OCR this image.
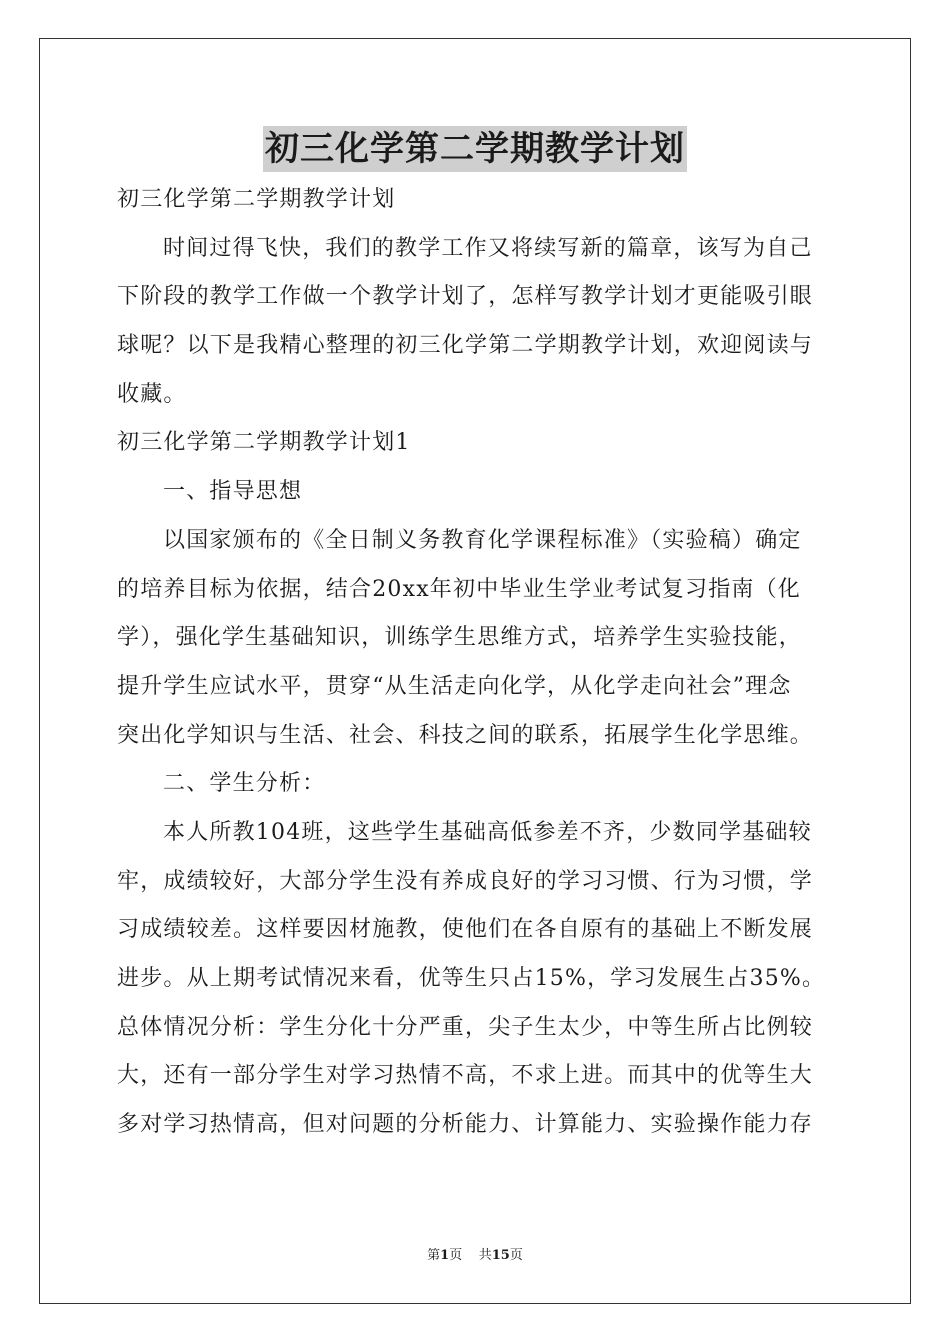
初三化学第二学期教学计划
初三化学第二学期教学计划
时间过得飞快，我们的教学工作又将续写新的篇章，该写为自己
下阶段的教学工作做一个教学计划了，怎样写教学计划才更能吸引眼
球呢？以下是我精心整理的初三化学第二学期教学计划，欢迎阅读与
收藏。
初三化学第二学期教学计划1
一、指导思想
以国家颁布的《全日制义务教育化学课程标准》（实验稿）确定
的培养目标为依据，结合20xx年初中毕业生学业考试复习指南（化
学），强化学生基础知识，训练学生思维方式，培养学生实验技能，
提升学生应试水平，贯穿“从生活走向化学，从化学走向社会”理念
突出化学知识与生活、社会、科技之间的联系，拓展学生化学思维。
二、学生分析：
本人所教104班，这些学生基础高低参差不齐，少数同学基础较
牢，成绩较好，大部分学生没有养成良好的学习习惯、行为习惯，学
习成绩较差。这样要因材施教，使他们在各自原有的基础上不断发展
进步。从上期考试情况来看，优等生只占15%，学习发展生占35%。
总体情况分析：学生分化十分严重，尖子生太少，中等生所占比例较
大，还有一部分学生对学习热情不高，不求上进。而其中的优等生大
多对学习热情高，但对问题的分析能力、计算能力、实验操作能力存
第1页 共15页
